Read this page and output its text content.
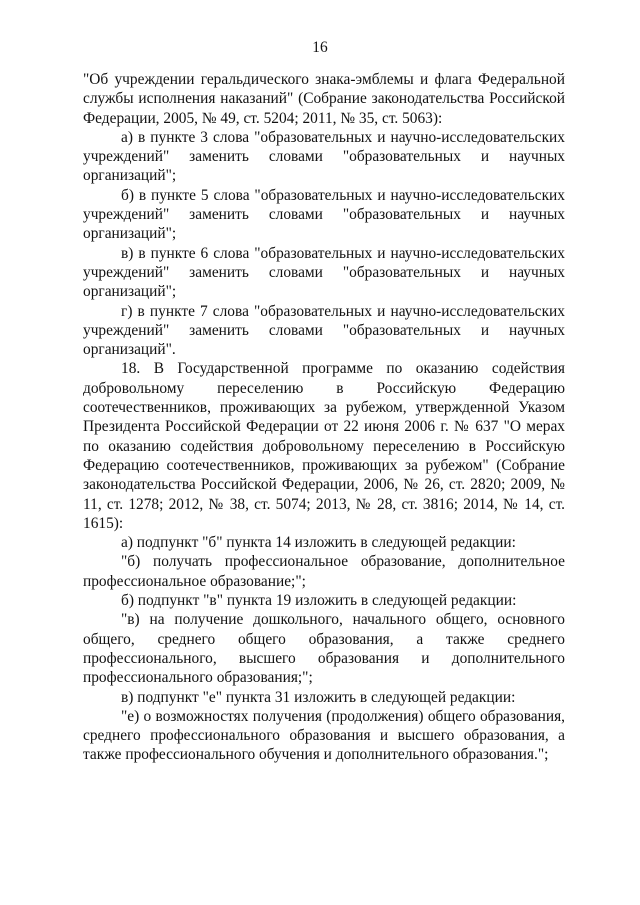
16

"Об учреждении геральдического знака-эмблемы и флага Федеральной службы исполнения наказаний" (Собрание законодательства Российской Федерации, 2005, № 49, ст. 5204; 2011, № 35, ст. 5063):

а) в пункте 3 слова "образовательных и научно-исследовательских учреждений" заменить словами "образовательных и научных организаций";

б) в пункте 5 слова "образовательных и научно-исследовательских учреждений" заменить словами "образовательных и научных организаций";

в) в пункте 6 слова "образовательных и научно-исследовательских учреждений" заменить словами "образовательных и научных организаций";

г) в пункте 7 слова "образовательных и научно-исследовательских учреждений" заменить словами "образовательных и научных организаций".

18. В Государственной программе по оказанию содействия добровольному переселению в Российскую Федерацию соотечественников, проживающих за рубежом, утвержденной Указом Президента Российской Федерации от 22 июня 2006 г. № 637 "О мерах по оказанию содействия добровольному переселению в Российскую Федерацию соотечественников, проживающих за рубежом" (Собрание законодательства Российской Федерации, 2006, № 26, ст. 2820; 2009, № 11, ст. 1278; 2012, № 38, ст. 5074; 2013, № 28, ст. 3816; 2014, № 14, ст. 1615):

а) подпункт "б" пункта 14 изложить в следующей редакции:

"б) получать профессиональное образование, дополнительное профессиональное образование;";

б) подпункт "в" пункта 19 изложить в следующей редакции:

"в) на получение дошкольного, начального общего, основного общего, среднего общего образования, а также среднего профессионального, высшего образования и дополнительного профессионального образования;";

в) подпункт "е" пункта 31 изложить в следующей редакции:

"е) о возможностях получения (продолжения) общего образования, среднего профессионального образования и высшего образования, а также профессионального обучения и дополнительного образования.";
